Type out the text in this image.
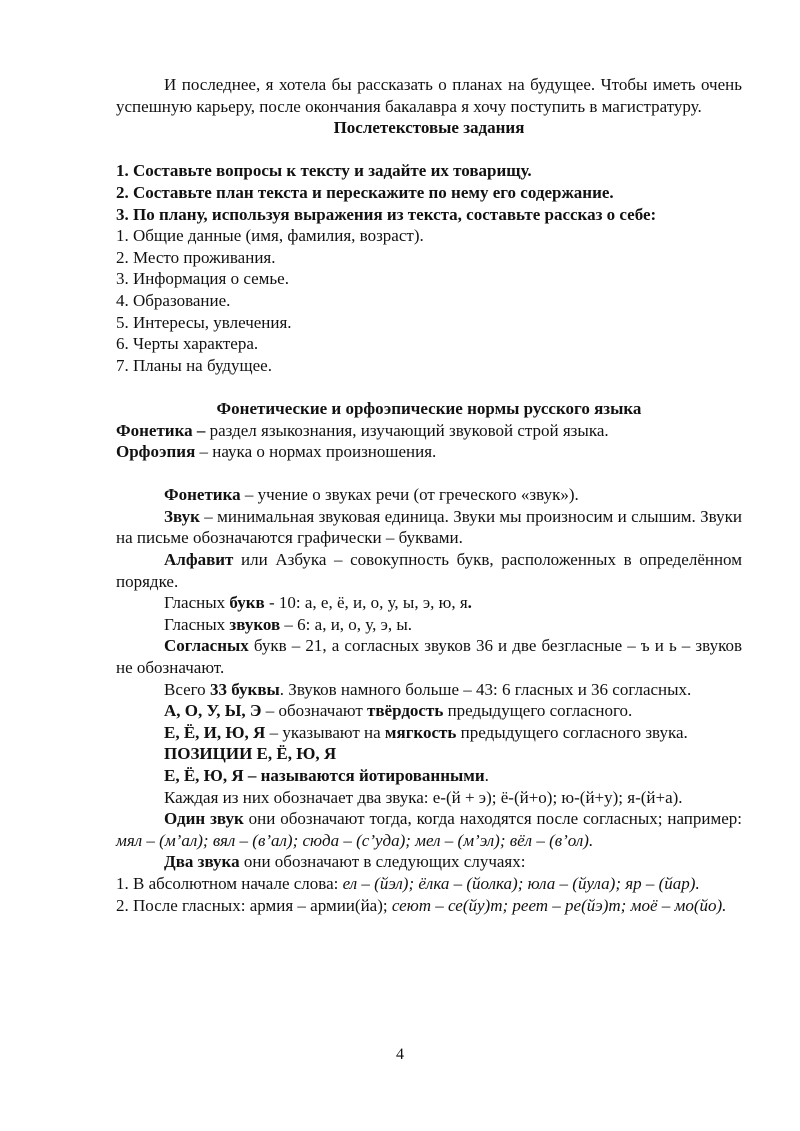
И последнее, я хотела бы рассказать о планах на будущее. Чтобы иметь очень успешную карьеру, после окончания бакалавра я хочу поступить в магистратуру.

Послетекстовые задания

1. Составьте вопросы к тексту и задайте их товарищу.

2. Составьте план текста и перескажите по нему его содержание.

3. По плану, используя выражения из текста, составьте рассказ о себе:

1. Общие данные (имя, фамилия, возраст).

2. Место проживания.

3. Информация о семье.

4. Образование.

5. Интересы, увлечения.

6. Черты характера.

7. Планы на будущее.

Фонетические и орфоэпические нормы русского языка

Фонетика – раздел языкознания, изучающий звуковой строй языка.

Орфоэпия – наука о нормах произношения.

Фонетика – учение о звуках речи (от греческого «звук»).

Звук – минимальная звуковая единица. Звуки мы произносим и слышим. Звуки на письме обозначаются графически – буквами.

Алфавит или Азбука – совокупность букв, расположенных в определённом порядке.

Гласных букв - 10: а, е, ё, и, о, у, ы, э, ю, я.

Гласных звуков – 6: а, и, о, у, э, ы.

Согласных букв – 21, а согласных звуков 36 и две безгласные – ъ и ь – звуков не обозначают.

Всего 33 буквы. Звуков намного больше – 43: 6 гласных и 36 согласных.

А, О, У, Ы, Э – обозначают твёрдость предыдущего согласного.

Е, Ё, И, Ю, Я – указывают на мягкость предыдущего согласного звука.

ПОЗИЦИИ Е, Ё, Ю, Я

Е, Ё, Ю, Я – называются йотированными.

Каждая из них обозначает два звука: е-(й + э); ё-(й+о); ю-(й+у); я-(й+а).

Один звук они обозначают тогда, когда находятся после согласных; например: мял – (м’ал); вял – (в’ал); сюда – (с’уда); мел – (м’эл); вёл – (в’ол).

Два звука они обозначают в следующих случаях:

1. В абсолютном начале слова: ел – (йэл); ёлка – (йолка); юла – (йула); яр – (йар).

2. После гласных: армия – армии(йа); сеют – се(йу)т; реет – ре(йэ)т; моё – мо(йо).

4
